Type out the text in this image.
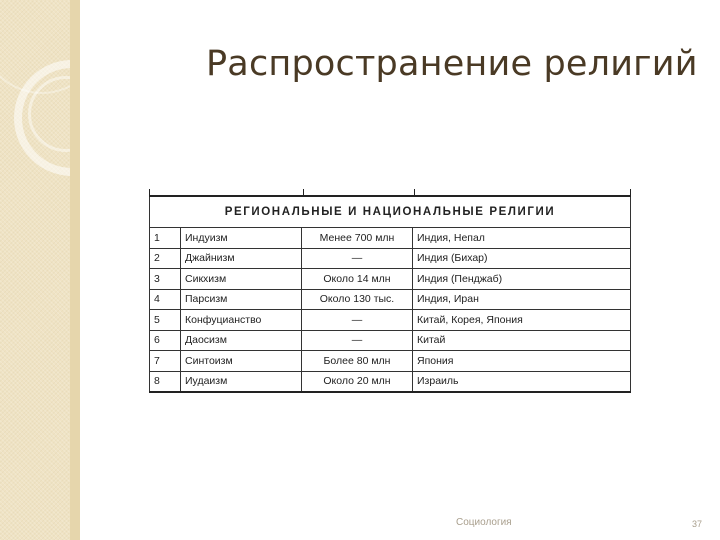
Распространение религий
РЕГИОНАЛЬНЫЕ И НАЦИОНАЛЬНЫЕ РЕЛИГИИ			
1	Индуизм	Менее 700 млн	Индия, Непал
2	Джайнизм	—	Индия (Бихар)
3	Сикхизм	Около 14 млн	Индия (Пенджаб)
4	Парсизм	Около 130 тыс.	Индия, Иран
5	Конфуцианство	—	Китай, Корея, Япония
6	Даосизм	—	Китай
7	Синтоизм	Более 80 млн	Япония
8	Иудаизм	Около 20 млн	Израиль
Социология	37
